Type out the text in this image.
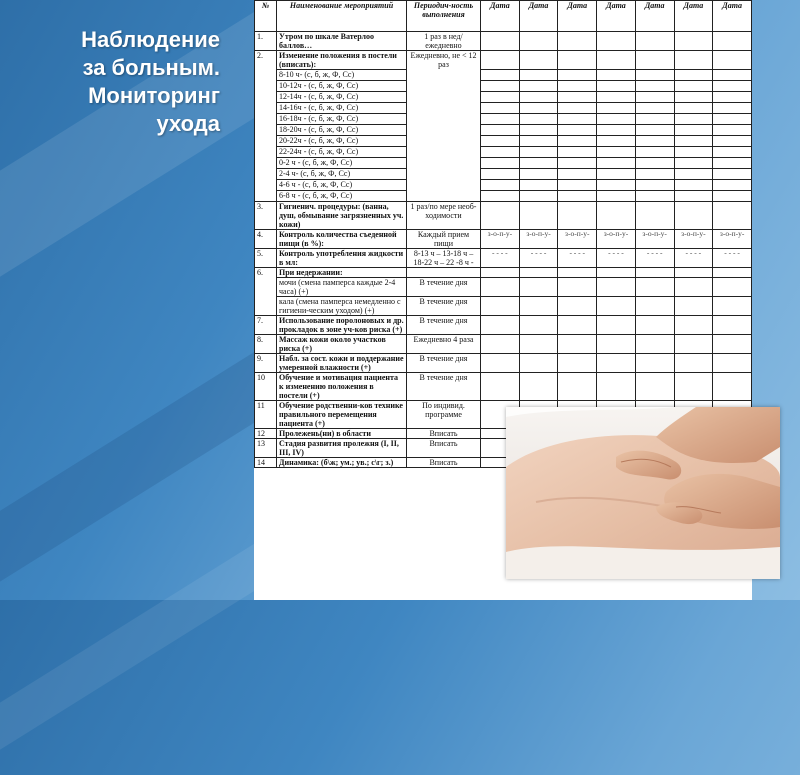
Наблюдение
за больным.
Мониторинг
ухода
№	Наименование мероприятий	Периодич-ность выполнения	Дата	Дата	Дата	Дата	Дата	Дата	Дата
1.	Утром по шкале Ватерлоо баллов…	1 раз в нед/ ежедневно							
2.	Изменение положения в постели (вписать):	Ежедневно, не < 12 раз							
	8-10 ч- (с, б, ж, Ф, Сс)								
	10-12ч - (с, б, ж, Ф, Сс)								
	12-14ч - (с, б, ж, Ф, Сс)								
	14-16ч - (с, б, ж, Ф, Сс)								
	16-18ч - (с, б, ж, Ф, Сс)								
	18-20ч - (с, б, ж, Ф, Сс)								
	20-22ч - (с, б, ж, Ф, Сс)								
	22-24ч - (с, б, ж, Ф, Сс)								
	0-2 ч - (с, б, ж, Ф, Сс)								
	2-4 ч- (с, б, ж, Ф, Сс)								
	4-6 ч - (с, б, ж, Ф, Сс)								
	6-8 ч - (с, б, ж, Ф, Сс)								
3.	Гигиенич. процедуры: (ванна, душ, обмывание загрязненных уч. кожи)	1 раз/по мере необ-ходимости							
4.	Контроль количества съеденной пищи (в %):	Каждый прием пищи	з-о-п-у-	з-о-п-у-	з-о-п-у-	з-о-п-у-	з-о-п-у-	з-о-п-у-	з-о-п-у-
5.	Контроль употребления жидкости в мл:	8-13 ч – 13-18 ч – 18-22 ч – 22 -8 ч -	- - - -	- - - -	- - - -	- - - -	- - - -	- - - -	- - - -
6.	При недержании:								
	мочи (смена памперса каждые 2-4 часа) (+)	В течение дня							
	кала (смена памперса немедленно с гигиени-ческим уходом) (+)	В течение дня							
7.	Использование поролоновых и др. прокладок в зоне уч-ков риска (+)	В течение дня							
8.	Массаж кожи около участков риска (+)	Ежедневно 4 раза							
9.	Набл. за сост. кожи и поддержание умеренной влажности (+)	В течение дня							
10	Обучение и мотивация пациента к изменению положения в постели (+)	В течение дня							
11	Обучение родственни-ков технике правильного перемещения пациента (+)	По индивид. программе							
12	Пролежень(ни) в области	Вписать							
13	Стадия развития пролежня (I, II, III, IV)	Вписать							
14	Динамика: (б\ж; ум.; ув.; с\г; з.)	Вписать							
